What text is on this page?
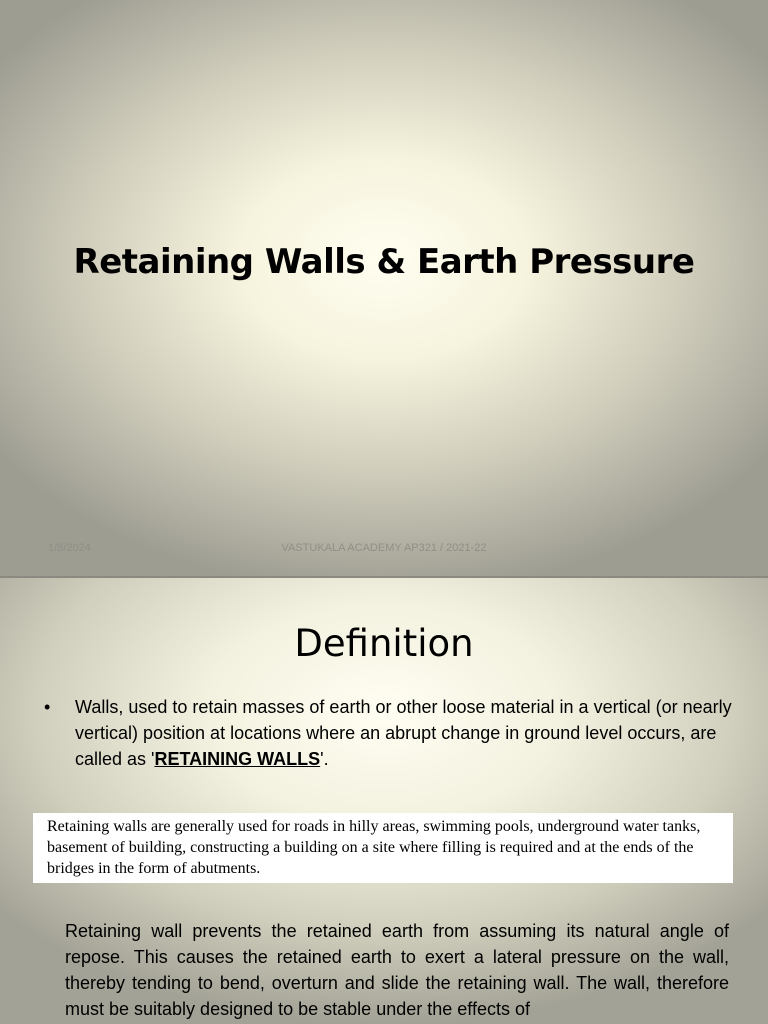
Retaining Walls & Earth Pressure
1/8/2024	VASTUKALA ACADEMY AP321 / 2021-22
Definition
• Walls, used to retain masses of earth or other loose material in a vertical (or nearly vertical) position at locations where an abrupt change in ground level occurs, are called as 'RETAINING WALLS'.
Retaining walls are generally used for roads in hilly areas, swimming pools, underground water tanks, basement of building, constructing a building on a site where filling is required and at the ends of the bridges in the form of abutments.
Retaining wall prevents the retained earth from assuming its natural angle of repose. This causes the retained earth to exert a lateral pressure on the wall, thereby tending to bend, overturn and slide the retaining wall. The wall, therefore must be suitably designed to be stable under the effects of
